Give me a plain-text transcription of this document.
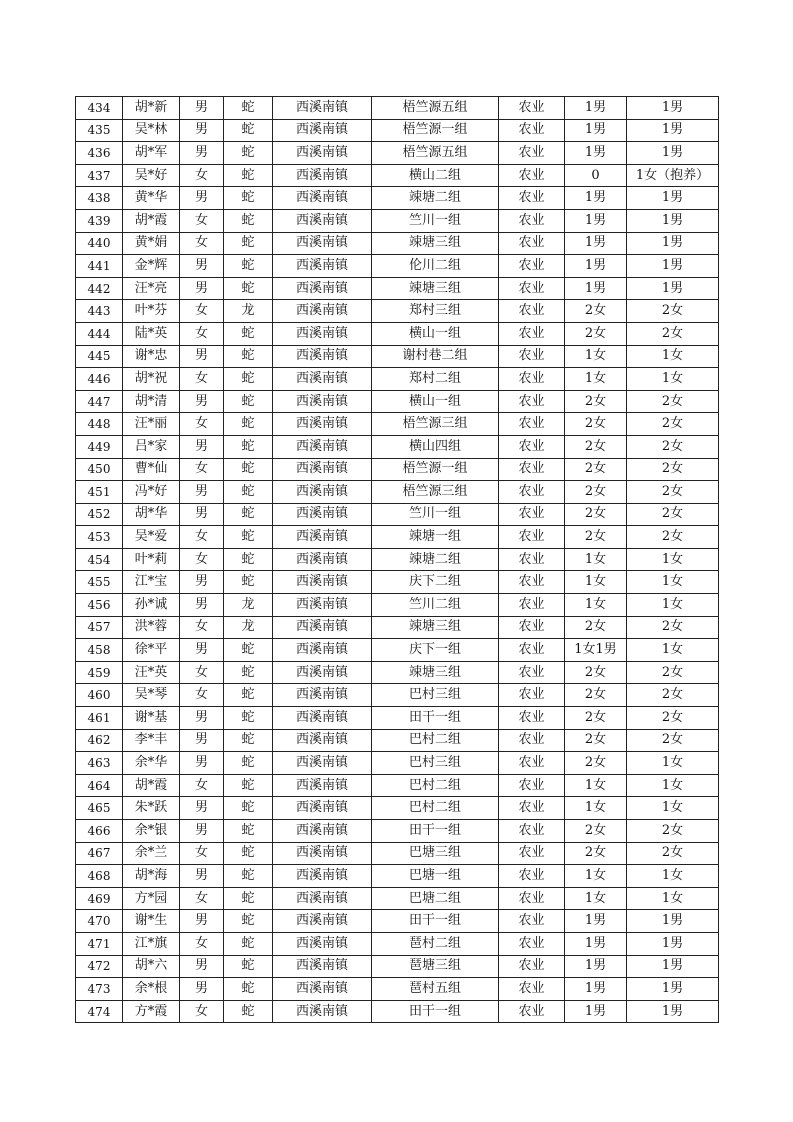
434	胡*新	男	蛇	西溪南镇	梧竺源五组	农业	1男	1男
435	吴*林	男	蛇	西溪南镇	梧竺源一组	农业	1男	1男
436	胡*军	男	蛇	西溪南镇	梧竺源五组	农业	1男	1男
437	吴*好	女	蛇	西溪南镇	横山二组	农业	0	1女（抱养）
438	黄*华	男	蛇	西溪南镇	竦塘二组	农业	1男	1男
439	胡*霞	女	蛇	西溪南镇	竺川一组	农业	1男	1男
440	黄*娟	女	蛇	西溪南镇	竦塘三组	农业	1男	1男
441	金*辉	男	蛇	西溪南镇	伦川二组	农业	1男	1男
442	汪*亮	男	蛇	西溪南镇	竦塘三组	农业	1男	1男
443	叶*芬	女	龙	西溪南镇	郑村三组	农业	2女	2女
444	陆*英	女	蛇	西溪南镇	横山一组	农业	2女	2女
445	谢*忠	男	蛇	西溪南镇	谢村巷二组	农业	1女	1女
446	胡*祝	女	蛇	西溪南镇	郑村二组	农业	1女	1女
447	胡*清	男	蛇	西溪南镇	横山一组	农业	2女	2女
448	汪*丽	女	蛇	西溪南镇	梧竺源三组	农业	2女	2女
449	吕*家	男	蛇	西溪南镇	横山四组	农业	2女	2女
450	曹*仙	女	蛇	西溪南镇	梧竺源一组	农业	2女	2女
451	冯*好	男	蛇	西溪南镇	梧竺源三组	农业	2女	2女
452	胡*华	男	蛇	西溪南镇	竺川一组	农业	2女	2女
453	吴*爱	女	蛇	西溪南镇	竦塘一组	农业	2女	2女
454	叶*莉	女	蛇	西溪南镇	竦塘二组	农业	1女	1女
455	江*宝	男	蛇	西溪南镇	庆下二组	农业	1女	1女
456	孙*诚	男	龙	西溪南镇	竺川二组	农业	1女	1女
457	洪*蓉	女	龙	西溪南镇	竦塘三组	农业	2女	2女
458	徐*平	男	蛇	西溪南镇	庆下一组	农业	1女1男	1女
459	汪*英	女	蛇	西溪南镇	竦塘三组	农业	2女	2女
460	吴*琴	女	蛇	西溪南镇	巴村三组	农业	2女	2女
461	谢*基	男	蛇	西溪南镇	田干一组	农业	2女	2女
462	李*丰	男	蛇	西溪南镇	巴村二组	农业	2女	2女
463	余*华	男	蛇	西溪南镇	巴村三组	农业	2女	1女
464	胡*霞	女	蛇	西溪南镇	巴村二组	农业	1女	1女
465	朱*跃	男	蛇	西溪南镇	巴村二组	农业	1女	1女
466	余*银	男	蛇	西溪南镇	田干一组	农业	2女	2女
467	余*兰	女	蛇	西溪南镇	巴塘三组	农业	2女	2女
468	胡*海	男	蛇	西溪南镇	巴塘一组	农业	1女	1女
469	方*园	女	蛇	西溪南镇	巴塘二组	农业	1女	1女
470	谢*生	男	蛇	西溪南镇	田干一组	农业	1男	1男
471	江*旗	女	蛇	西溪南镇	琶村二组	农业	1男	1男
472	胡*六	男	蛇	西溪南镇	琶塘三组	农业	1男	1男
473	余*根	男	蛇	西溪南镇	琶村五组	农业	1男	1男
474	方*霞	女	蛇	西溪南镇	田干一组	农业	1男	1男
